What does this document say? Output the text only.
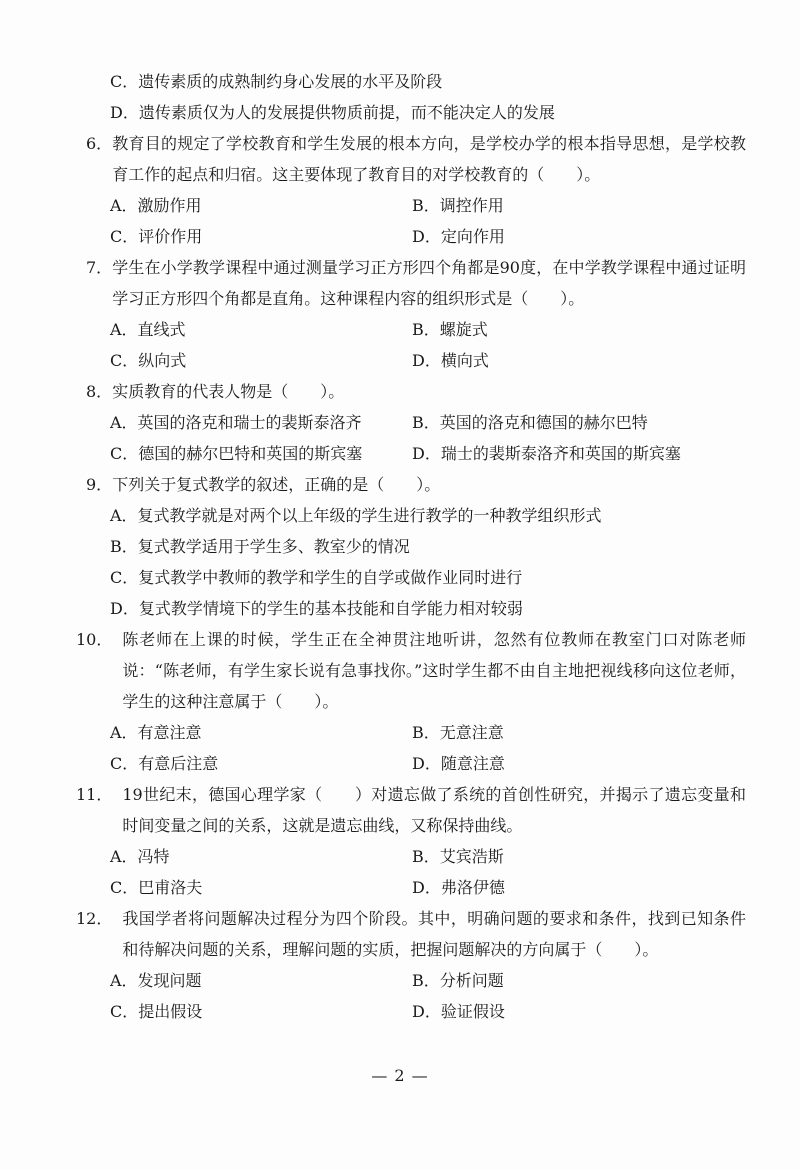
C．遗传素质的成熟制约身心发展的水平及阶段
D．遗传素质仅为人的发展提供物质前提，而不能决定人的发展
6． 教育目的规定了学校教育和学生发展的根本方向，是学校办学的根本指导思想，是学校教育工作的起点和归宿。这主要体现了教育目的对学校教育的（　　）。
A．激励作用	B．调控作用
C．评价作用	D．定向作用
7． 学生在小学教学课程中通过测量学习正方形四个角都是90度，在中学教学课程中通过证明学习正方形四个角都是直角。这种课程内容的组织形式是（　　）。
A．直线式	B．螺旋式
C．纵向式	D．横向式
8． 实质教育的代表人物是（　　）。
A．英国的洛克和瑞士的裴斯泰洛齐	B．英国的洛克和德国的赫尔巴特
C．德国的赫尔巴特和英国的斯宾塞	D．瑞士的裴斯泰洛齐和英国的斯宾塞
9． 下列关于复式教学的叙述，正确的是（　　）。
A．复式教学就是对两个以上年级的学生进行教学的一种教学组织形式
B．复式教学适用于学生多、教室少的情况
C．复式教学中教师的教学和学生的自学或做作业同时进行
D．复式教学情境下的学生的基本技能和自学能力相对较弱
10． 陈老师在上课的时候，学生正在全神贯注地听讲，忽然有位教师在教室门口对陈老师说：“陈老师，有学生家长说有急事找你。”这时学生都不由自主地把视线移向这位老师，学生的这种注意属于（　　）。
A．有意注意	B．无意注意
C．有意后注意	D．随意注意
11． 19世纪末，德国心理学家（　　）对遗忘做了系统的首创性研究，并揭示了遗忘变量和时间变量之间的关系，这就是遗忘曲线，又称保持曲线。
A．冯特	B．艾宾浩斯
C．巴甫洛夫	D．弗洛伊德
12． 我国学者将问题解决过程分为四个阶段。其中，明确问题的要求和条件，找到已知条件和待解决问题的关系，理解问题的实质，把握问题解决的方向属于（　　）。
A．发现问题	B．分析问题
C．提出假设	D．验证假设
— 2 —
